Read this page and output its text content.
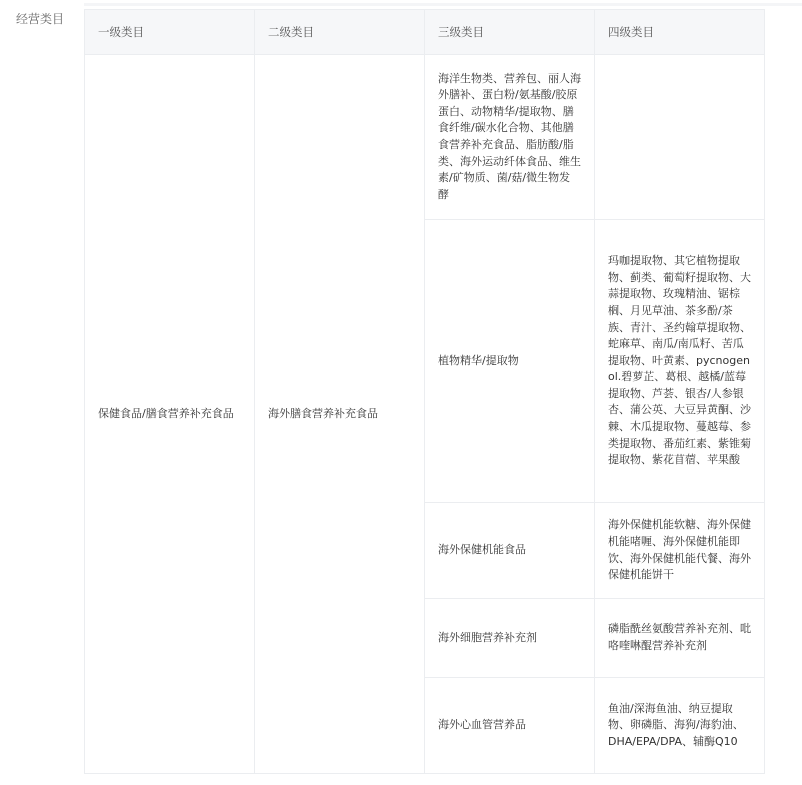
经营类目
一级类目	二级类目	三级类目	四级类目
保健食品/膳食营养补充食品	海外膳食营养补充食品	海洋生物类、营养包、丽人海外膳补、蛋白粉/氨基酸/胶原蛋白、动物精华/提取物、膳食纤维/碳水化合物、其他膳食营养补充食品、脂肪酸/脂类、海外运动纤体食品、维生素/矿物质、菌/菇/微生物发酵	
		植物精华/提取物	玛咖提取物、其它植物提取物、蓟类、葡萄籽提取物、大蒜提取物、玫瑰精油、锯棕榈、月见草油、茶多酚/茶族、青汁、圣约翰草提取物、蛇麻草、南瓜/南瓜籽、苦瓜提取物、叶黄素、pycnogenol.碧萝芷、葛根、越橘/蓝莓提取物、芦荟、银杏/人参银杏、蒲公英、大豆异黄酮、沙棘、木瓜提取物、蔓越莓、参类提取物、番茄红素、紫锥菊提取物、紫花苜蓿、苹果酸
		海外保健机能食品	海外保健机能软糖、海外保健机能啫喱、海外保健机能即饮、海外保健机能代餐、海外保健机能饼干
		海外细胞营养补充剂	磷脂酰丝氨酸营养补充剂、吡咯喹啉醌营养补充剂
		海外心血管营养品	鱼油/深海鱼油、纳豆提取物、卵磷脂、海狗/海豹油、DHA/EPA/DPA、辅酶Q10
